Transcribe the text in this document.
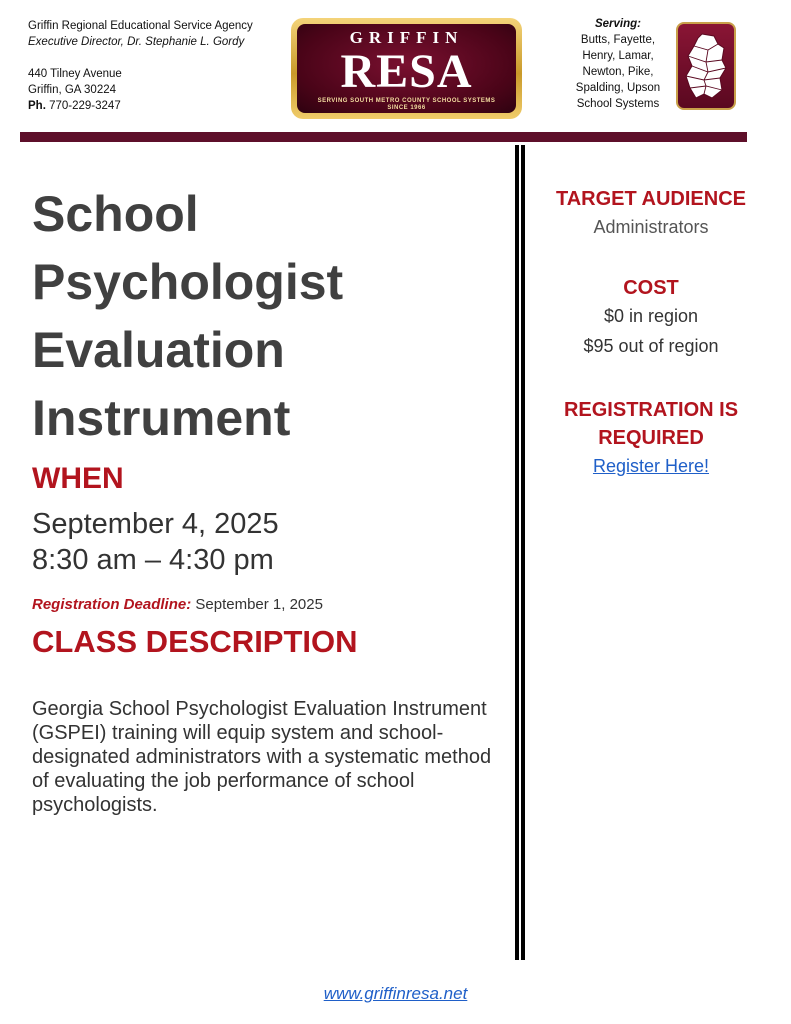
Griffin Regional Educational Service Agency
Executive Director, Dr. Stephanie L. Gordy
440 Tilney Avenue
Griffin, GA 30224
Ph. 770-229-3247
GRIFFIN
RESA
SERVING SOUTH METRO COUNTY SCHOOL SYSTEMS
SINCE 1966
Serving:
Butts, Fayette,
Henry, Lamar,
Newton, Pike,
Spalding, Upson
School Systems
School
Psychologist
Evaluation
Instrument
WHEN
September 4, 2025
8:30 am – 4:30 pm
Registration Deadline: September 1, 2025
CLASS DESCRIPTION
Georgia School Psychologist Evaluation Instrument (GSPEI) training will equip system and school-designated administrators with a systematic method of evaluating the job performance of school psychologists.
TARGET AUDIENCE
Administrators
COST
$0 in region
$95 out of region
REGISTRATION IS
REQUIRED
Register Here!
www.griffinresa.net
